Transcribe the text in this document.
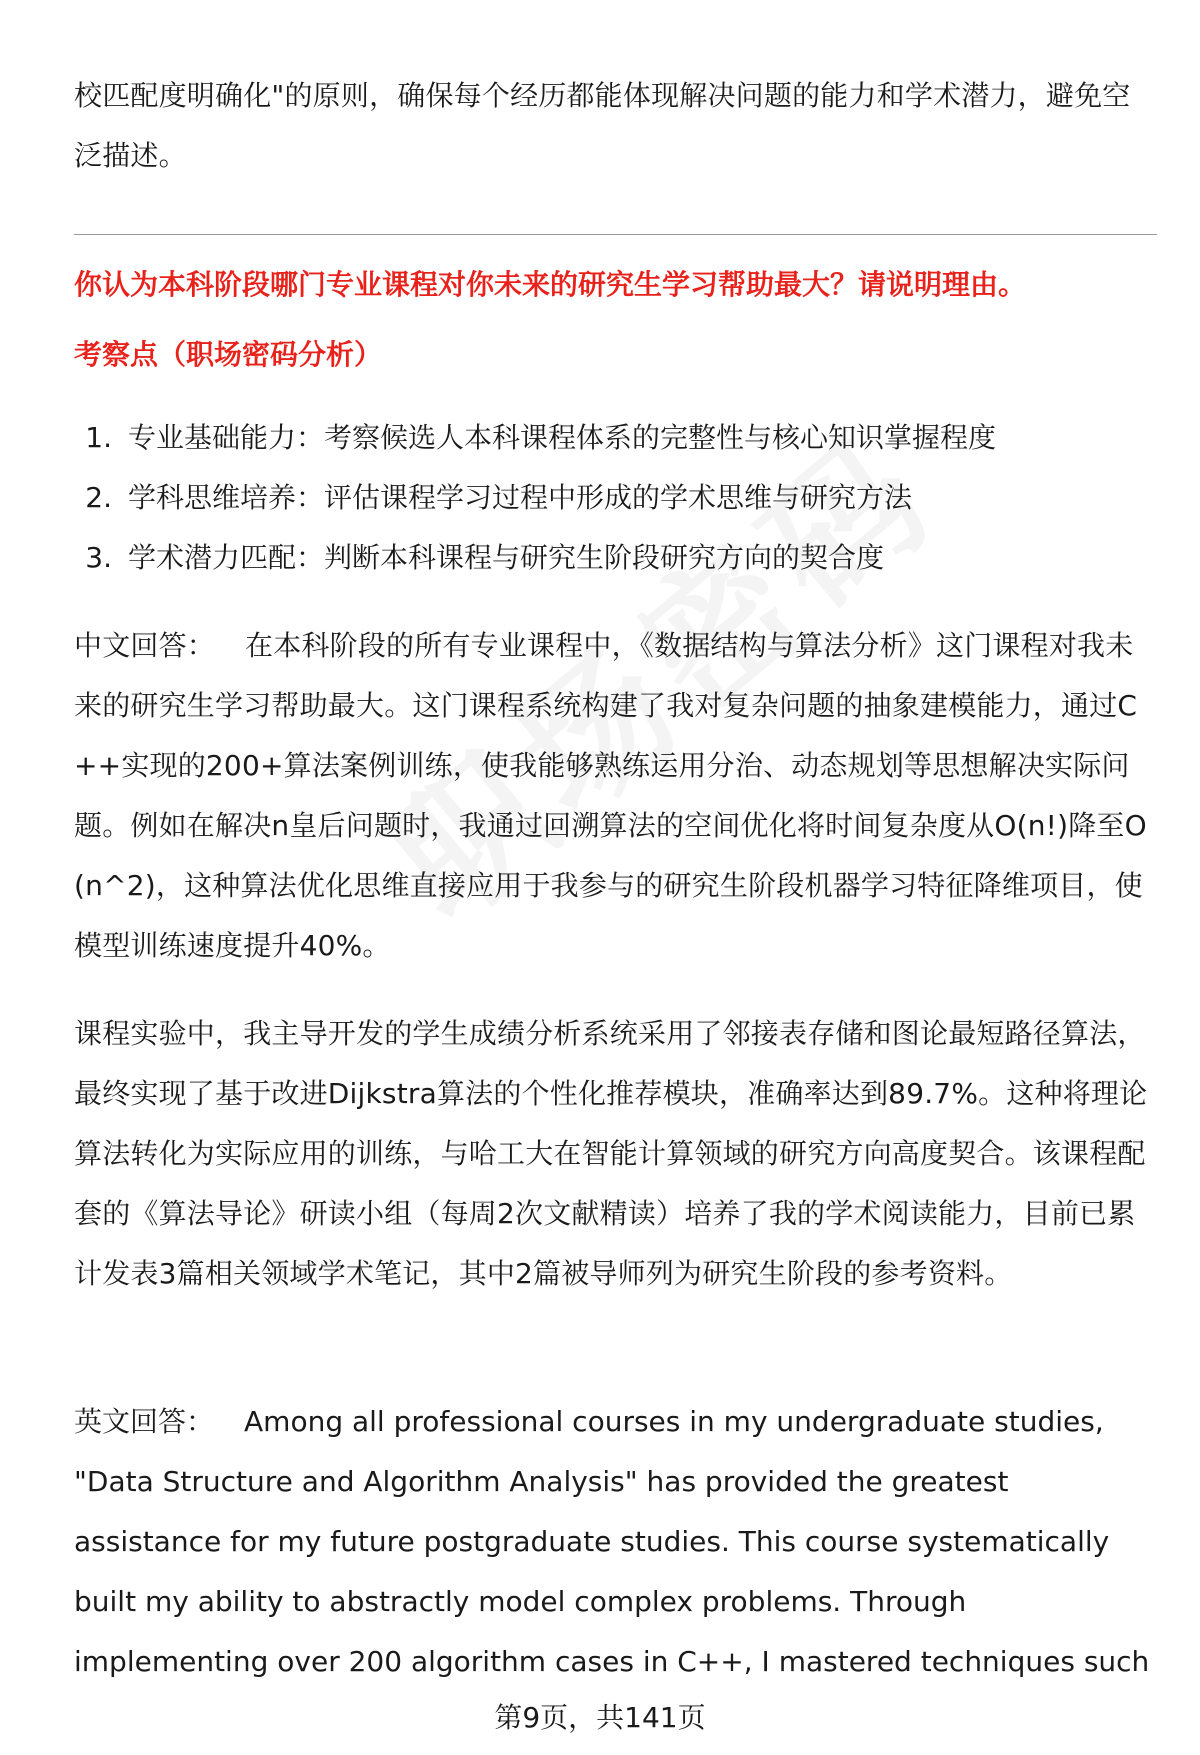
校匹配度明确化"的原则，确保每个经历都能体现解决问题的能力和学术潜力，避免空泛描述。

你认为本科阶段哪门专业课程对你未来的研究生学习帮助最大？请说明理由。

考察点（职场密码分析）

1. 专业基础能力：考察候选人本科课程体系的完整性与核心知识掌握程度
2. 学科思维培养：评估课程学习过程中形成的学术思维与研究方法
3. 学术潜力匹配：判断本科课程与研究生阶段研究方向的契合度

中文回答： 在本科阶段的所有专业课程中，《数据结构与算法分析》这门课程对我未来的研究生学习帮助最大。这门课程系统构建了我对复杂问题的抽象建模能力，通过C++实现的200+算法案例训练，使我能够熟练运用分治、动态规划等思想解决实际问题。例如在解决n皇后问题时，我通过回溯算法的空间优化将时间复杂度从O(n!)降至O(n^2)，这种算法优化思维直接应用于我参与的研究生阶段机器学习特征降维项目，使模型训练速度提升40%。

课程实验中，我主导开发的学生成绩分析系统采用了邻接表存储和图论最短路径算法，最终实现了基于改进Dijkstra算法的个性化推荐模块，准确率达到89.7%。这种将理论算法转化为实际应用的训练，与哈工大在智能计算领域的研究方向高度契合。该课程配套的《算法导论》研读小组（每周2次文献精读）培养了我的学术阅读能力，目前已累计发表3篇相关领域学术笔记，其中2篇被导师列为研究生阶段的参考资料。

英文回答： Among all professional courses in my undergraduate studies, "Data Structure and Algorithm Analysis" has provided the greatest assistance for my future postgraduate studies. This course systematically built my ability to abstractly model complex problems. Through implementing over 200 algorithm cases in C++, I mastered techniques such

第9页，共141页
